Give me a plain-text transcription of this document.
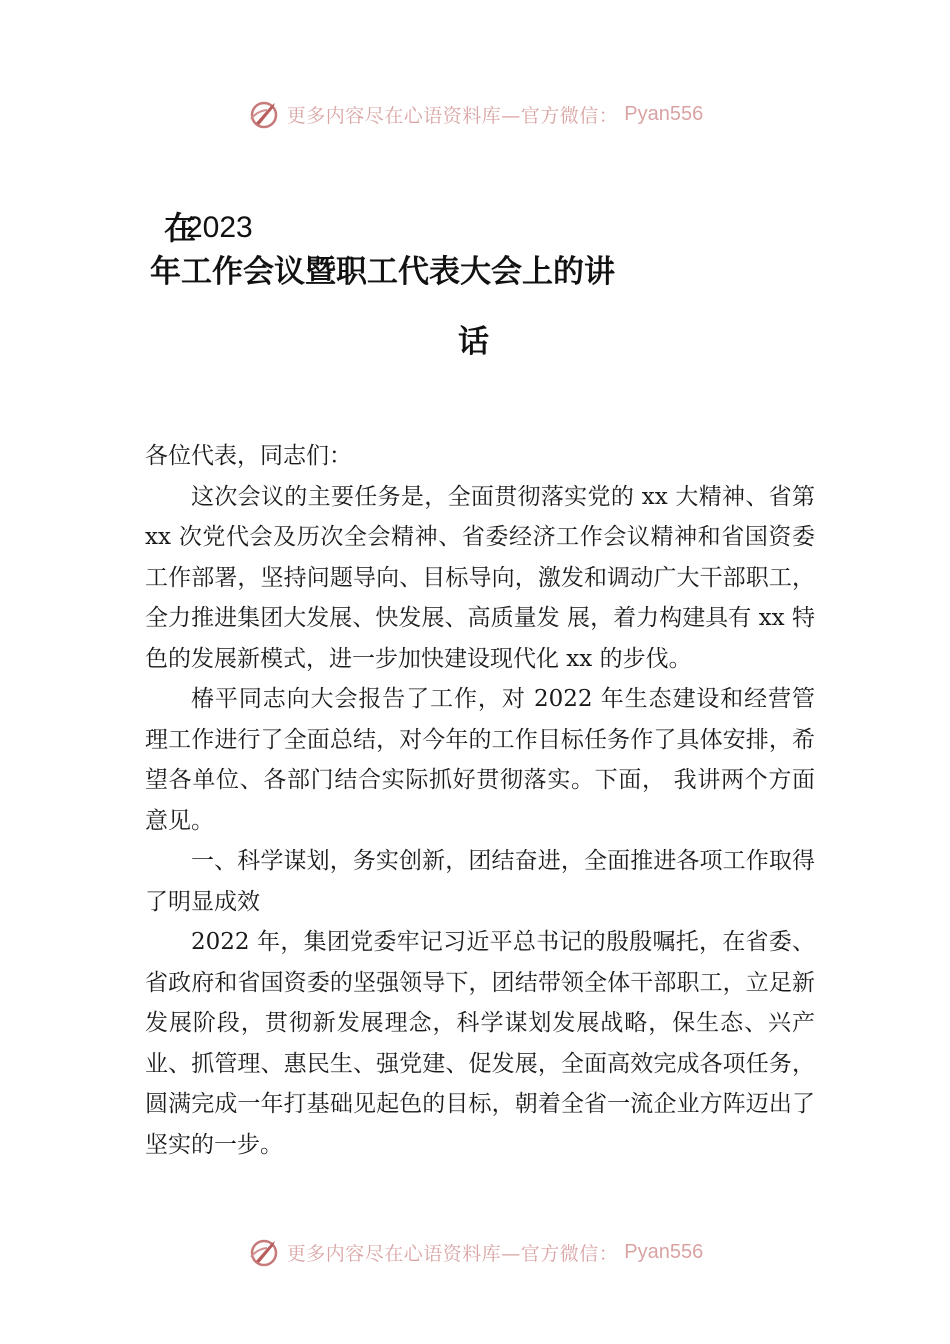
更多内容尽在心语资料库—官方微信： Pyan556
在
2023
年工作会议暨职工代表大会上的讲
话

各位代表，同志们：

这次会议的主要任务是，全面贯彻落实党的 xx 大精神、省第 xx 次党代会及历次全会精神、省委经济工作会议精神和省国资委工作部署，坚持问题导向、目标导向，激发和调动广大干部职工，全力推进集团大发展、快发展、高质量发 展，着力构建具有 xx 特色的发展新模式，进一步加快建设现代化 xx 的步伐。

椿平同志向大会报告了工作，对 2022 年生态建设和经营管理工作进行了全面总结，对今年的工作目标任务作了具体安排，希望各单位、各部门结合实际抓好贯彻落实。下面， 我讲两个方面意见。

一、科学谋划，务实创新，团结奋进，全面推进各项工作取得了明显成效

2022 年，集团党委牢记习近平总书记的殷殷嘱托，在省委、省政府和省国资委的坚强领导下，团结带领全体干部职工，立足新发展阶段，贯彻新发展理念，科学谋划发展战略，保生态、兴产业、抓管理、惠民生、强党建、促发展，全面高效完成各项任务，圆满完成一年打基础见起色的目标，朝着全省一流企业方阵迈出了坚实的一步。

更多内容尽在心语资料库—官方微信： Pyan556
